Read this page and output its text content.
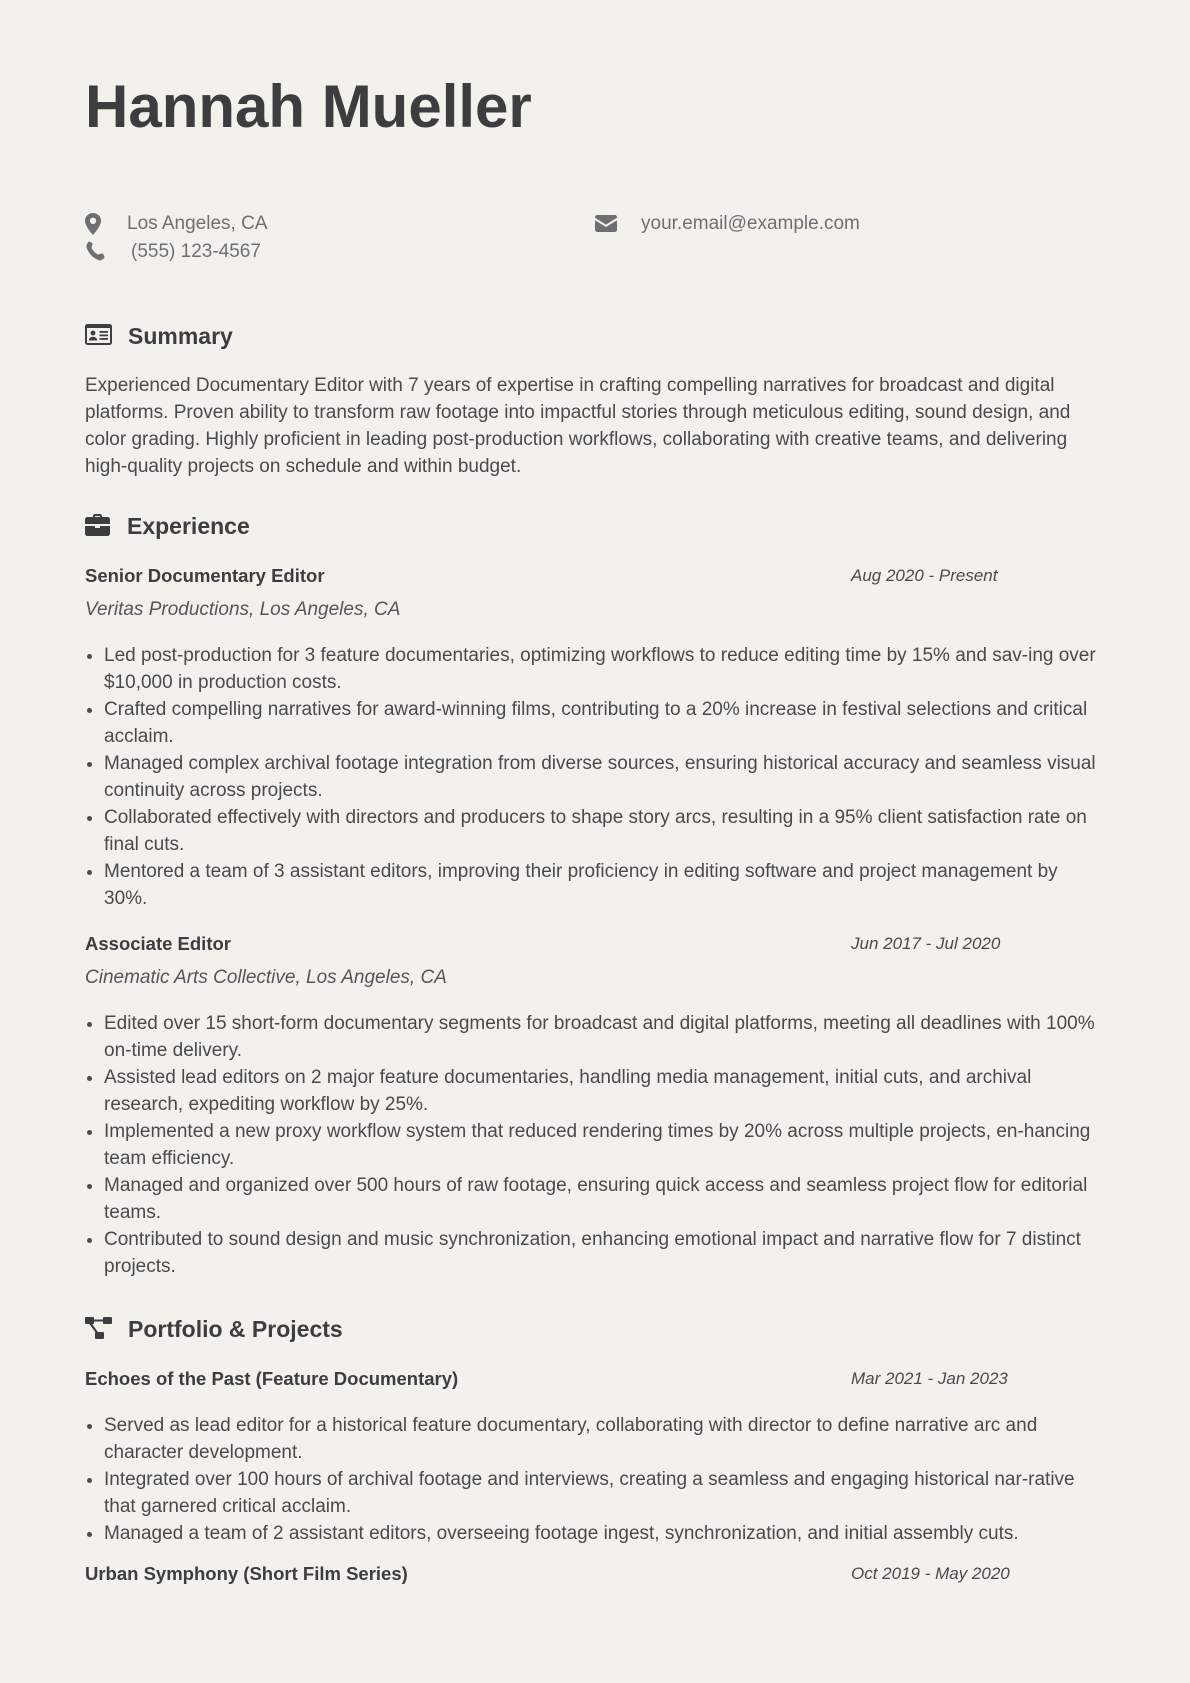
Hannah Mueller
Los Angeles, CA	your.email@example.com
(555) 123-4567
Summary

Experienced Documentary Editor with 7 years of expertise in crafting compelling narratives for broadcast and digital platforms. Proven ability to transform raw footage into impactful stories through meticulous editing, sound design, and color grading. Highly proficient in leading post-production workflows, collaborating with creative teams, and delivering high-quality projects on schedule and within budget.

Experience
Senior Documentary Editor	Aug 2020 - Present
Veritas Productions, Los Angeles, CA
Led post-production for 3 feature documentaries, optimizing workflows to reduce editing time by 15% and sav-ing over $10,000 in production costs.
Crafted compelling narratives for award-winning films, contributing to a 20% increase in festival selections and critical acclaim.
Managed complex archival footage integration from diverse sources, ensuring historical accuracy and seamless visual continuity across projects.
Collaborated effectively with directors and producers to shape story arcs, resulting in a 95% client satisfaction rate on final cuts.
Mentored a team of 3 assistant editors, improving their proficiency in editing software and project management by 30%.
Associate Editor	Jun 2017 - Jul 2020
Cinematic Arts Collective, Los Angeles, CA
Edited over 15 short-form documentary segments for broadcast and digital platforms, meeting all deadlines with 100% on-time delivery.
Assisted lead editors on 2 major feature documentaries, handling media management, initial cuts, and archival research, expediting workflow by 25%.
Implemented a new proxy workflow system that reduced rendering times by 20% across multiple projects, en-hancing team efficiency.
Managed and organized over 500 hours of raw footage, ensuring quick access and seamless project flow for editorial teams.
Contributed to sound design and music synchronization, enhancing emotional impact and narrative flow for 7 distinct projects.
Portfolio & Projects
Echoes of the Past (Feature Documentary)	Mar 2021 - Jan 2023
Served as lead editor for a historical feature documentary, collaborating with director to define narrative arc and character development.
Integrated over 100 hours of archival footage and interviews, creating a seamless and engaging historical nar-rative that garnered critical acclaim.
Managed a team of 2 assistant editors, overseeing footage ingest, synchronization, and initial assembly cuts.
Urban Symphony (Short Film Series)	Oct 2019 - May 2020
